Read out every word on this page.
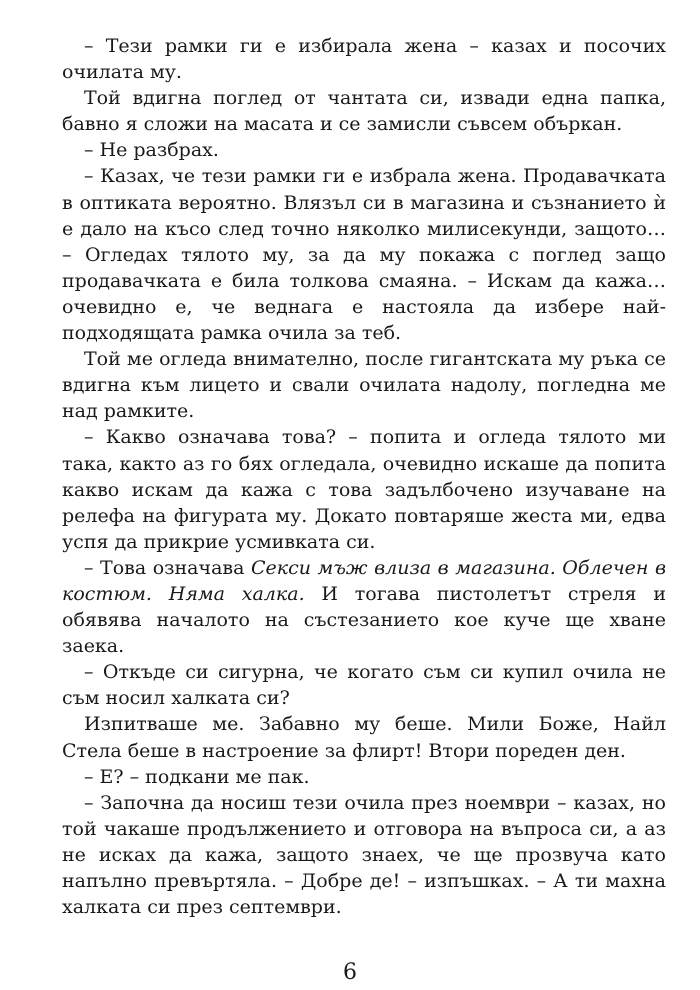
– Тези рамки ги е избирала жена – казах и посочих очилата му.

Той вдигна поглед от чантата си, извади една папка, бавно я сложи на масата и се замисли съвсем объркан.

– Не разбрах.

– Казах, че тези рамки ги е избрала жена. Продавачката в оптиката вероятно. Влязъл си в магазина и съзнанието ѝ е дало на късо след точно няколко милисекунди, защото… – Огледах тялото му, за да му покажа с поглед защо продавачката е била толкова смаяна. – Искам да кажа… очевидно е, че веднага е настояла да избере най-подходящата рамка очила за теб.

Той ме огледа внимателно, после гигантската му ръка се вдигна към лицето и свали очилата надолу, погледна ме над рамките.

– Какво означава това? – попита и огледа тялото ми така, както аз го бях огледала, очевидно искаше да попита какво искам да кажа с това задълбочено изучаване на релефа на фигурата му. Докато повтаряше жеста ми, едва успя да прикрие усмивката си.

– Това означава Секси мъж влиза в магазина. Облечен в костюм. Няма халка. И тогава пистолетът стреля и обявява началото на състезанието кое куче ще хване заека.

– Откъде си сигурна, че когато съм си купил очила не съм носил халката си?

Изпитваше ме. Забавно му беше. Мили Боже, Найл Стела беше в настроение за флирт! Втори пореден ден.

– Е? – подкани ме пак.

– Започна да носиш тези очила през ноември – казах, но той чакаше продължението и отговора на въпроса си, а аз не исках да кажа, защото знаех, че ще прозвуча като напълно превъртяла. – Добре де! – изпъшках. – А ти махна халката си през септември.

6
